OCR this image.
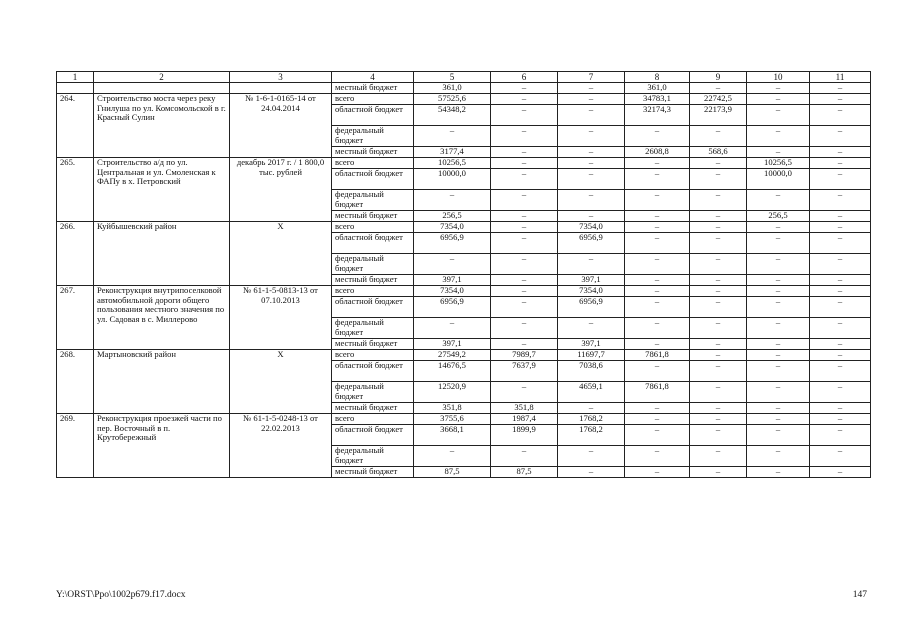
1	2	3	4	5	6	7	8	9	10	11
			местный бюджет	361,0	–	–	361,0	–	–	–
264.	Строительство моста через реку Гнилуша по ул. Комсомольской в г. Красный Сулин	№ 1-6-1-0165-14 от 24.04.2014	всего	57525,6	–	–	34783,1	22742,5	–	–
			областной бюджет	54348,2	–	–	32174,3	22173,9	–	–
			федеральный бюджет	–	–	–	–	–	–	–
			местный бюджет	3177,4	–	–	2608,8	568,6	–	–
265.	Строительство а/д по ул. Центральная и ул. Смоленская к ФАПу в х. Петровский	декабрь 2017 г. / 1 800,0 тыс. рублей	всего	10256,5	–	–	–	–	10256,5	–
			областной бюджет	10000,0	–	–	–	–	10000,0	–
			федеральный бюджет	–	–	–	–	–	–	–
			местный бюджет	256,5	–	–	–	–	256,5	–
266.	Куйбышевский район	Х	всего	7354,0	–	7354,0	–	–	–	–
			областной бюджет	6956,9	–	6956,9	–	–	–	–
			федеральный бюджет	–	–	–	–	–	–	–
			местный бюджет	397,1	–	397,1	–	–	–	–
267.	Реконструкция внутрипоселковой автомобильной дороги общего пользования местного значения по ул. Садовая в с. Миллерово	№ 61-1-5-0813-13 от 07.10.2013	всего	7354,0	–	7354,0	–	–	–	–
			областной бюджет	6956,9	–	6956,9	–	–	–	–
			федеральный бюджет	–	–	–	–	–	–	–
			местный бюджет	397,1	–	397,1	–	–	–	–
268.	Мартыновский район	Х	всего	27549,2	7989,7	11697,7	7861,8	–	–	–
			областной бюджет	14676,5	7637,9	7038,6	–	–	–	–
			федеральный бюджет	12520,9	–	4659,1	7861,8	–	–	–
			местный бюджет	351,8	351,8	–	–	–	–	–
269.	Реконструкция проезжей части по пер. Восточный в п. Крутобережный	№ 61-1-5-0248-13 от 22.02.2013	всего	3755,6	1987,4	1768,2	–	–	–	–
			областной бюджет	3668,1	1899,9	1768,2	–	–	–	–
			федеральный бюджет	–	–	–	–	–	–	–
			местный бюджет	87,5	87,5	–	–	–	–	–
Y:\ORST\Ppo\1002p679.f17.docx	147
